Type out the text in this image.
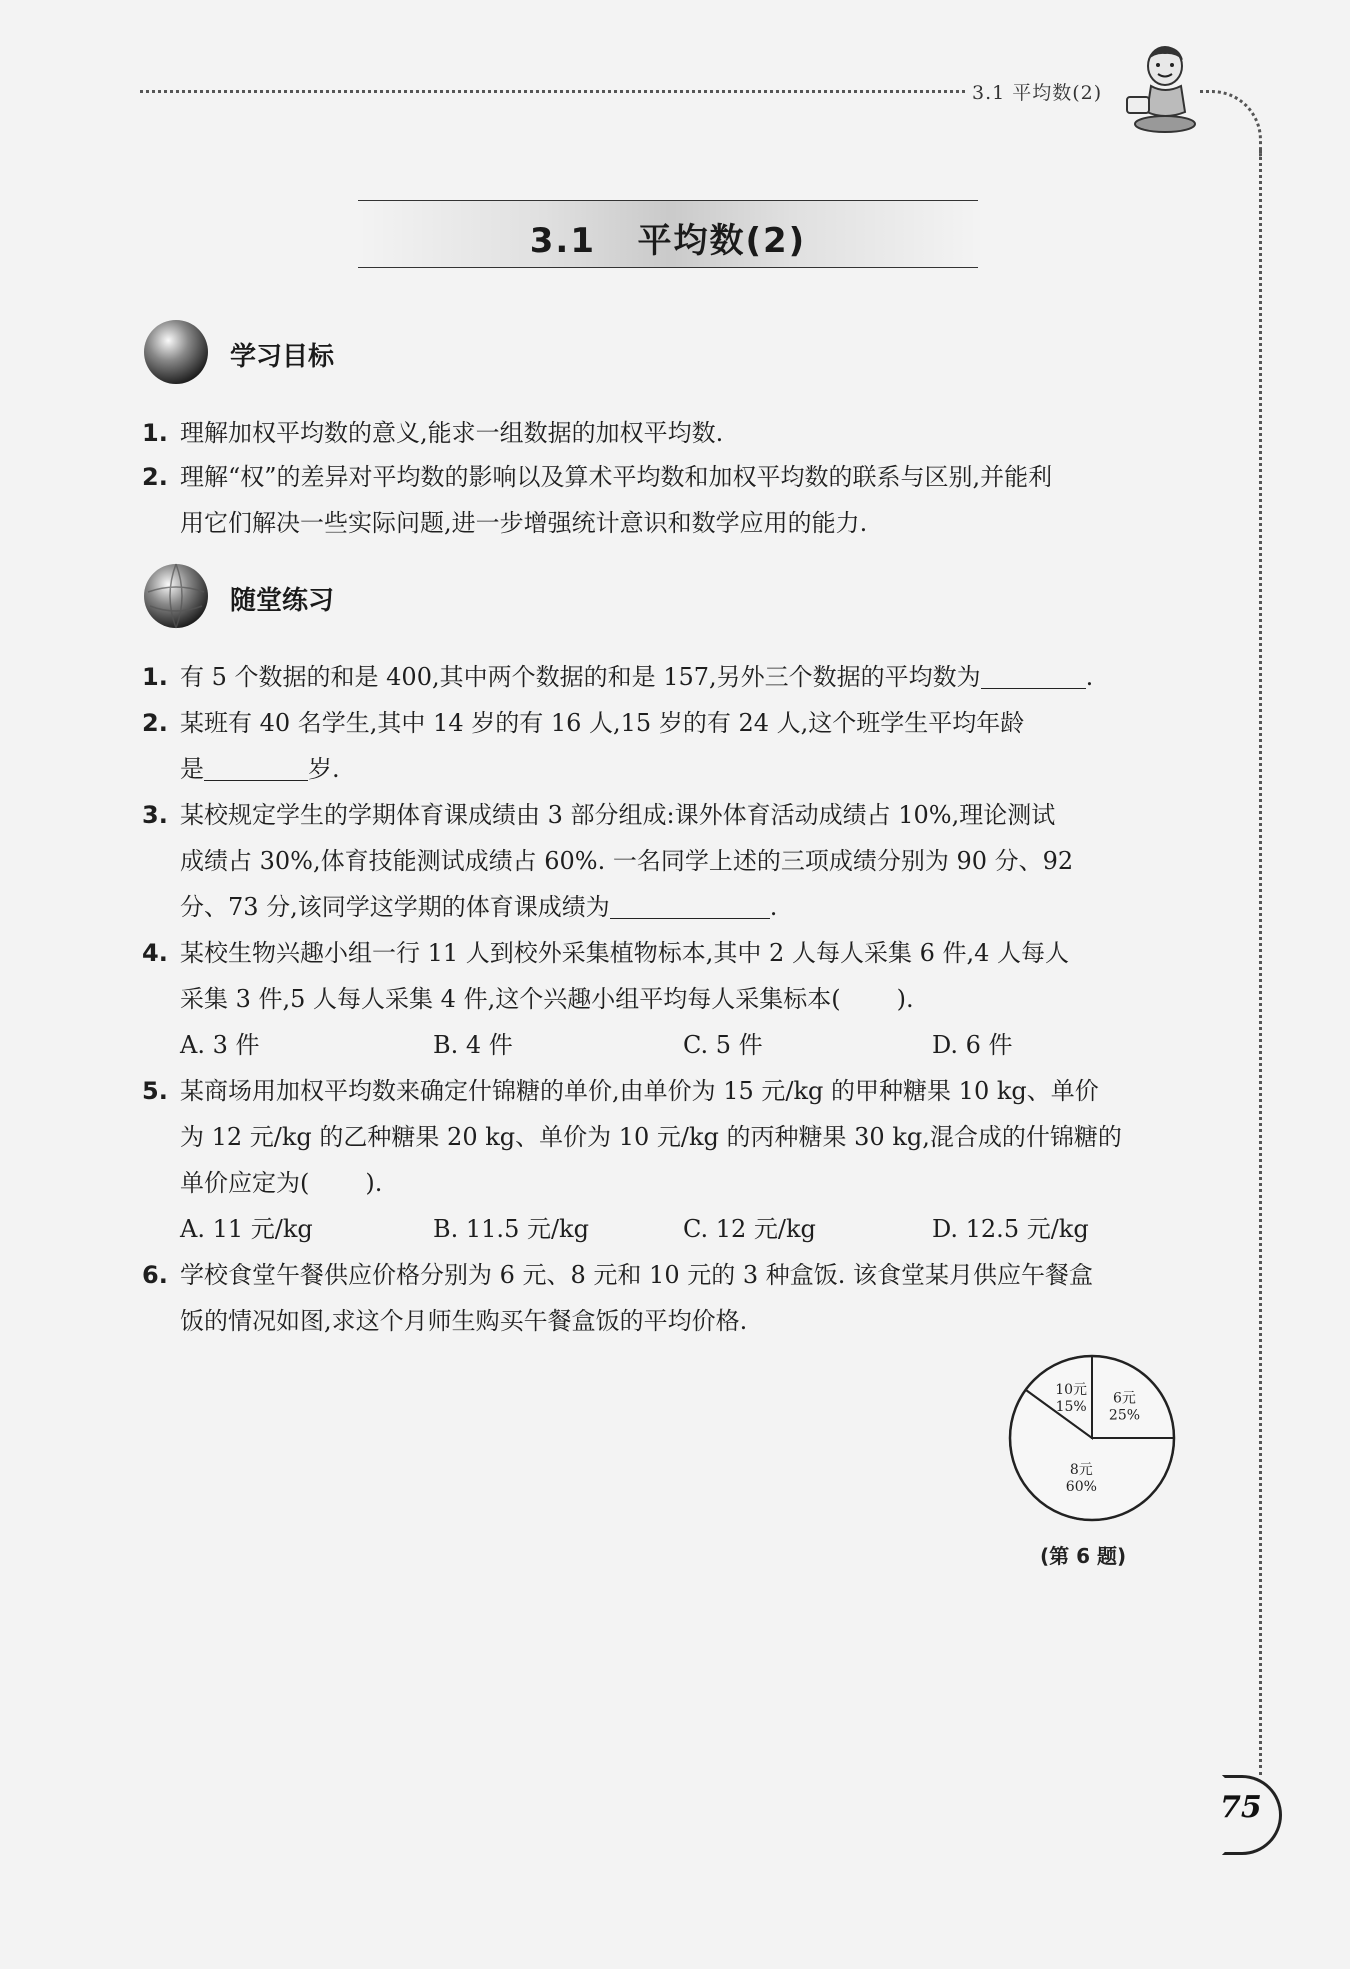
3.1 平均数(2)
3.1   平均数(2)
学习目标
1. 理解加权平均数的意义,能求一组数据的加权平均数.
2. 理解“权”的差异对平均数的影响以及算术平均数和加权平均数的联系与区别,并能利
用它们解决一些实际问题,进一步增强统计意识和数学应用的能力.
随堂练习
1. 有 5 个数据的和是 400,其中两个数据的和是 157,另外三个数据的平均数为	.
2. 某班有 40 名学生,其中 14 岁的有 16 人,15 岁的有 24 人,这个班学生平均年龄
是	岁.
3. 某校规定学生的学期体育课成绩由 3 部分组成:课外体育活动成绩占 10%,理论测试
成绩占 30%,体育技能测试成绩占 60%. 一名同学上述的三项成绩分别为 90 分、92
分、73 分,该同学这学期的体育课成绩为	.
4. 某校生物兴趣小组一行 11 人到校外采集植物标本,其中 2 人每人采集 6 件,4 人每人
采集 3 件,5 人每人采集 4 件,这个兴趣小组平均每人采集标本( ).
A. 3 件	B. 4 件	C. 5 件	D. 6 件
5. 某商场用加权平均数来确定什锦糖的单价,由单价为 15 元/kg 的甲种糖果 10 kg、单价
为 12 元/kg 的乙种糖果 20 kg、单价为 10 元/kg 的丙种糖果 30 kg,混合成的什锦糖的
单价应定为( ).
A. 11 元/kg	B. 11.5 元/kg	C. 12 元/kg	D. 12.5 元/kg
6. 学校食堂午餐供应价格分别为 6 元、8 元和 10 元的 3 种盒饭. 该食堂某月供应午餐盒
饭的情况如图,求这个月师生购买午餐盒饭的平均价格.
6元
25%
8元
60%
10元
15%
(第 6 题)
75
